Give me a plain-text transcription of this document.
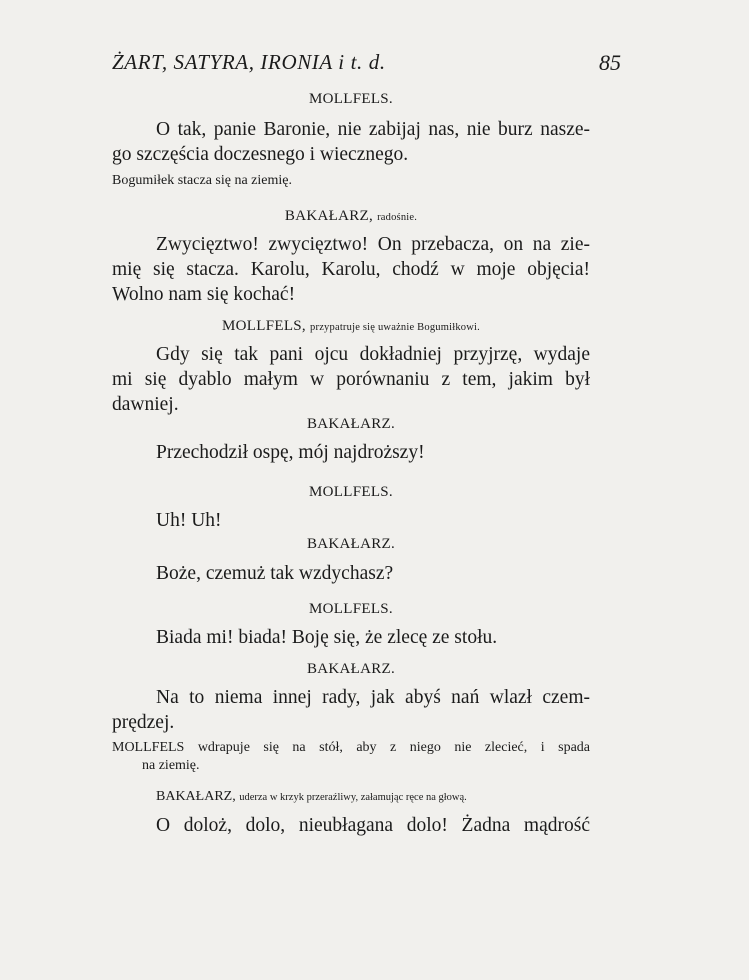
ŻART, SATYRA, IRONIA i t. d.	85
MOLLFELS.
O tak, panie Baronie, nie zabijaj nas, nie burz nasze-
go szczęścia doczesnego i wiecznego.
Bogumiłek stacza się na ziemię.
BAKAŁARZ, radośnie.
Zwycięztwo! zwycięztwo! On przebacza, on na zie-
mię się stacza. Karolu, Karolu, chodź w moje objęcia!
Wolno nam się kochać!
MOLLFELS, przypatruje się uważnie Bogumiłkowi.
Gdy się tak pani ojcu dokładniej przyjrzę, wydaje
mi się dyablo małym w porównaniu z tem, jakim był
dawniej.
BAKAŁARZ.
Przechodził ospę, mój najdroższy!
MOLLFELS.
Uh! Uh!
BAKAŁARZ.
Boże, czemuż tak wzdychasz?
MOLLFELS.
Biada mi! biada! Boję się, że zlecę ze stołu.
BAKAŁARZ.
Na to niema innej rady, jak abyś nań wlazł czem-
prędzej.
MOLLFELS wdrapuje się na stół, aby z niego nie zlecieć, i spada
na ziemię.
BAKAŁARZ, uderza w krzyk przeraźliwy, załamując ręce na głową.
O doloż, dolo, nieubłagana dolo! Żadna mądrość
